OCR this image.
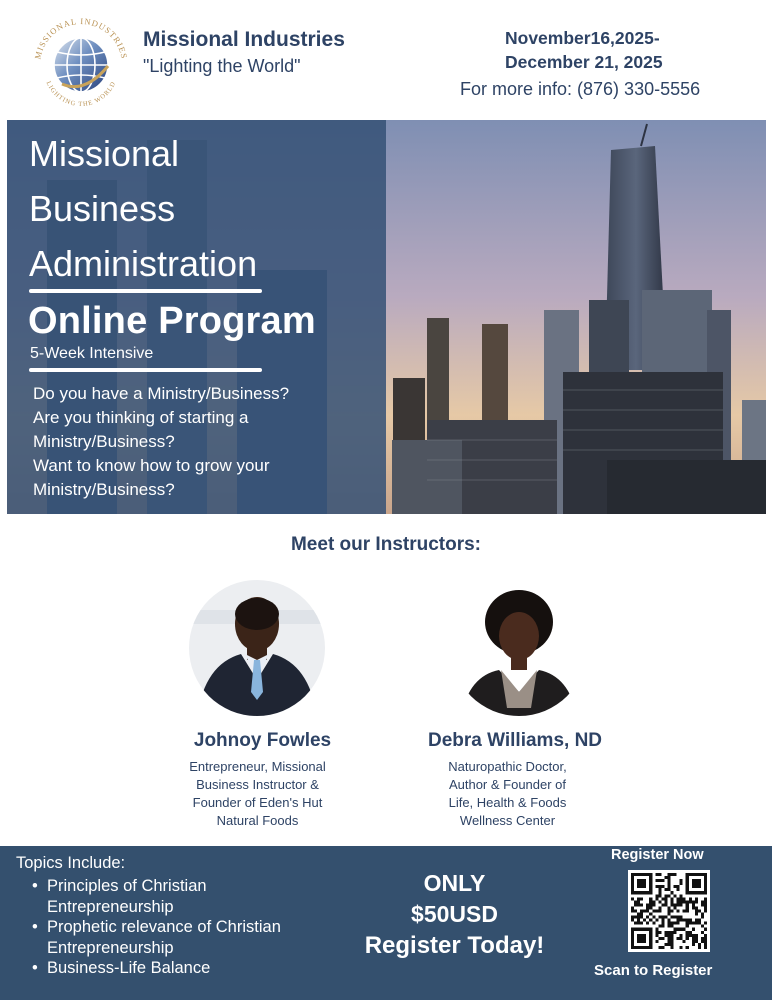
MISSIONAL INDUSTRIES
LIGHTING THE WORLD
Missional Industries
"Lighting the World"
November16,2025-
December 21, 2025
For more info: (876) 330-5556
Missional
Business
Administration
Online Program
5-Week Intensive
Do you have a Ministry/Business?
Are you thinking of starting a
Ministry/Business?
Want to know how to grow your
Ministry/Business?
Meet our Instructors:
Johnoy Fowles
Entrepreneur, Missional
Business Instructor &
Founder of Eden's Hut
Natural Foods
Debra Williams, ND
Naturopathic Doctor,
Author & Founder of
Life, Health & Foods
Wellness Center
Topics Include:
• Principles of Christian Entrepreneurship
• Prophetic relevance of Christian Entrepreneurship
• Business-Life Balance
ONLY
$50USD
Register Today!
Register Now
Scan to Register
